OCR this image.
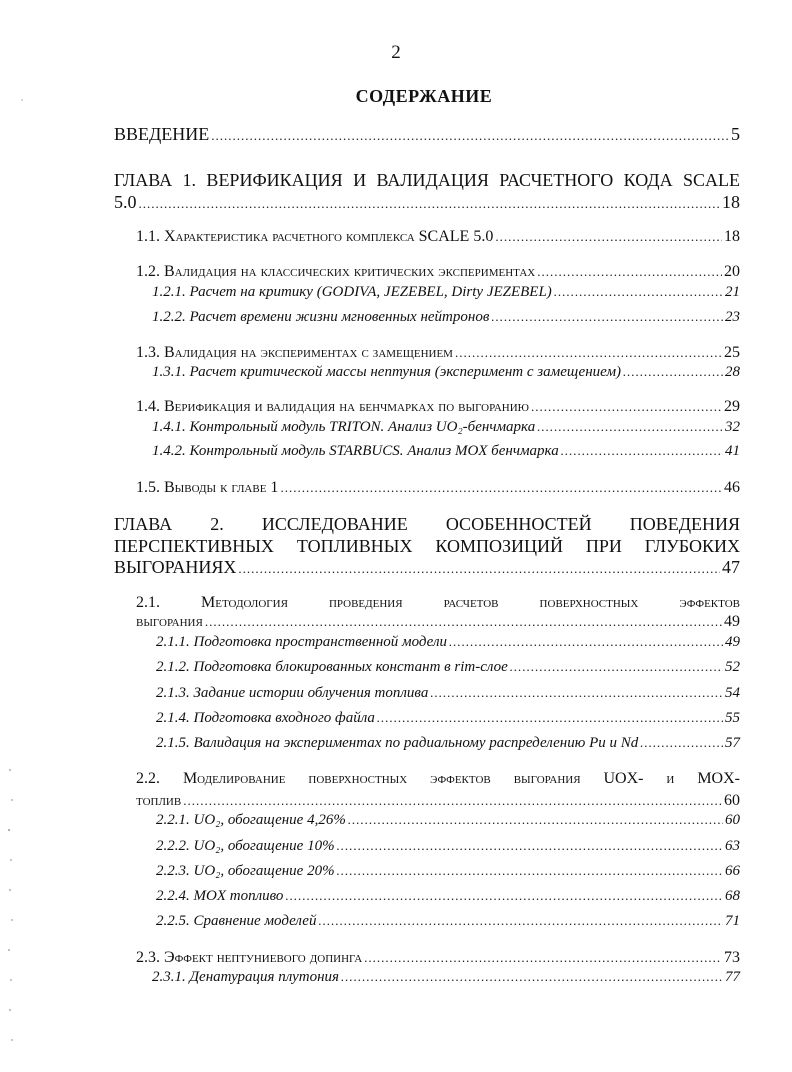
2
СОДЕРЖАНИЕ
ВВЕДЕНИЕ .....	5
ГЛАВА 1. ВЕРИФИКАЦИЯ И ВАЛИДАЦИЯ РАСЧЕТНОГО КОДА SCALE
5.0 .....	18
1.1. Характеристика расчетного комплекса SCALE 5.0 .....	18
1.2. Валидация на классических критических экспериментах .....	20
1.2.1. Расчет на критику (GODIVA, JEZEBEL, Dirty JEZEBEL) .....	21
1.2.2. Расчет времени жизни мгновенных нейтронов .....	23
1.3. Валидация на экспериментах с замещением .....	25
1.3.1. Расчет критической массы нептуния (эксперимент с замещением) .....	28
1.4. Верификация и валидация на бенчмарках по выгоранию .....	29
1.4.1. Контрольный модуль TRITON. Анализ UO₂-бенчмарка .....	32
1.4.2. Контрольный модуль STARBUCS. Анализ MOX бенчмарка .....	41
1.5. Выводы к главе 1 .....	46
ГЛАВА 2. ИССЛЕДОВАНИЕ ОСОБЕННОСТЕЙ ПОВЕДЕНИЯ
ПЕРСПЕКТИВНЫХ ТОПЛИВНЫХ КОМПОЗИЦИЙ ПРИ ГЛУБОКИХ
ВЫГОРАНИЯХ .....	47
2.1. Методология проведения расчетов поверхностных эффектов
выгорания .....	49
2.1.1. Подготовка пространственной модели .....	49
2.1.2. Подготовка блокированных констант в rim-слое .....	52
2.1.3. Задание истории облучения топлива .....	54
2.1.4. Подготовка входного файла .....	55
2.1.5. Валидация на экспериментах по радиальному распределению Pu и Nd .....	57
2.2. Моделирование поверхностных эффектов выгорания UOX- и MOX-
топлив .....	60
2.2.1. UO₂, обогащение 4,26% .....	60
2.2.2. UO₂, обогащение 10% .....	63
2.2.3. UO₂, обогащение 20% .....	66
2.2.4. MOX топливо .....	68
2.2.5. Сравнение моделей .....	71
2.3. Эффект нептуниевого допинга .....	73
2.3.1. Денатурация плутония .....	77
